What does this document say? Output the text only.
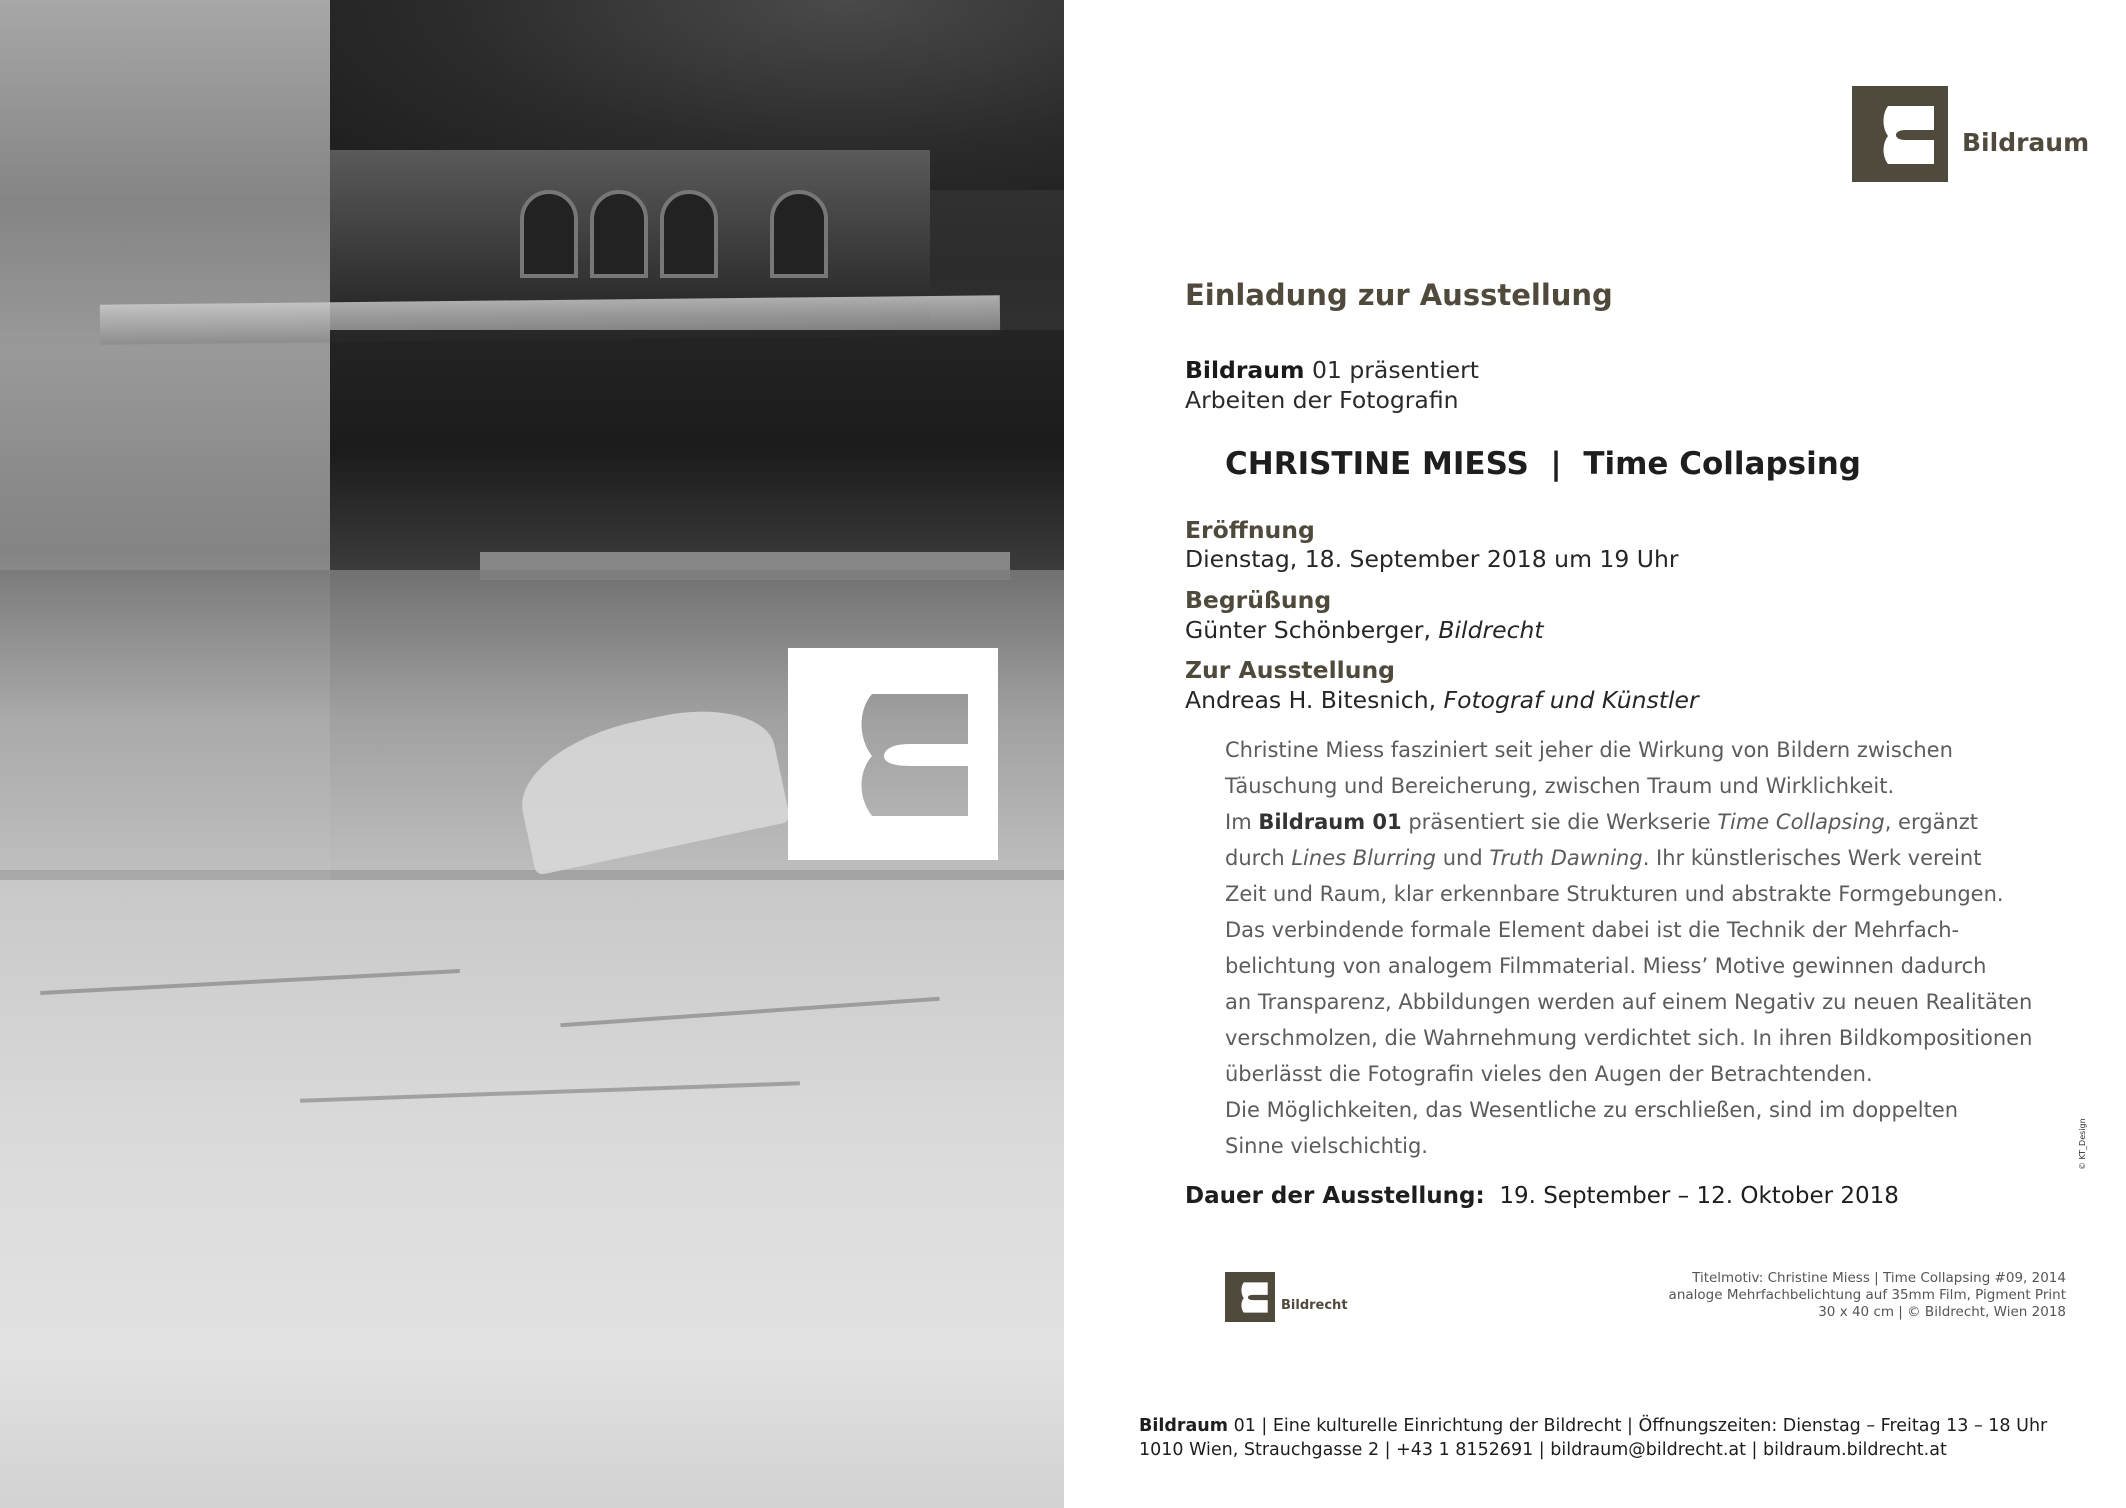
Bildraum
Einladung zur Ausstellung
Bildraum 01 präsentiert
Arbeiten der Fotografin
CHRISTINE MIESS  |  Time Collapsing
Eröffnung
Dienstag, 18. September 2018 um 19 Uhr
Begrüßung
Günter Schönberger, Bildrecht
Zur Ausstellung
Andreas H. Bitesnich, Fotograf und Künstler

Christine Miess fasziniert seit jeher die Wirkung von Bildern zwischen

Täuschung und Bereicherung, zwischen Traum und Wirklichkeit.

Im Bildraum 01 präsentiert sie die Werkserie Time Collapsing, ergänzt

durch Lines Blurring und Truth Dawning. Ihr künstlerisches Werk vereint

Zeit und Raum, klar erkennbare Strukturen und abstrakte Formgebungen.

Das verbindende formale Element dabei ist die Technik der Mehrfach-

belichtung von analogem Filmmaterial. Miess’ Motive gewinnen dadurch

an Transparenz, Abbildungen werden auf einem Negativ zu neuen Realitäten

verschmolzen, die Wahrnehmung verdichtet sich. In ihren Bildkompositionen

überlässt die Fotografin vieles den Augen der Betrachtenden.

Die Möglichkeiten, das Wesentliche zu erschließen, sind im doppelten

Sinne vielschichtig.

Dauer der Ausstellung: 19. September – 12. Oktober 2018
Bildrecht
Titelmotiv: Christine Miess | Time Collapsing #09, 2014
analoge Mehrfachbelichtung auf 35mm Film, Pigment Print
30 x 40 cm | © Bildrecht, Wien 2018
Bildraum 01 | Eine kulturelle Einrichtung der Bildrecht | Öffnungszeiten: Dienstag – Freitag 13 – 18 Uhr
1010 Wien, Strauchgasse 2 | +43 1 8152691 | bildraum@bildrecht.at | bildraum.bildrecht.at
© KT_Design
